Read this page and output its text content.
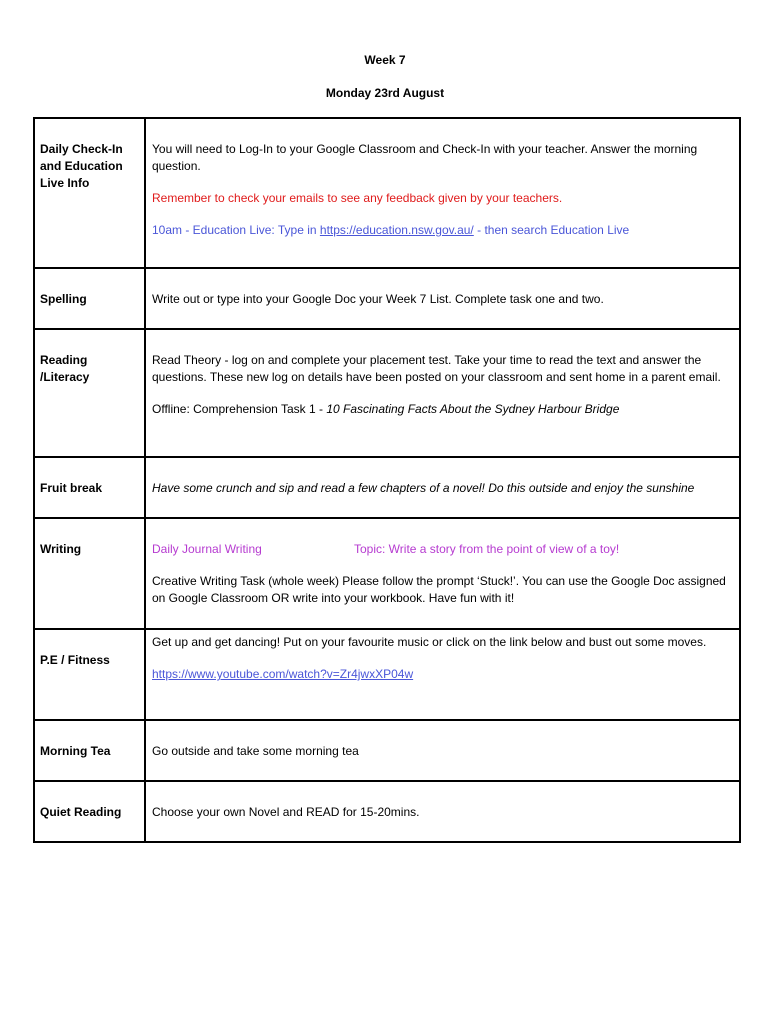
Week 7
Monday 23rd August
Daily Check-In and Education Live Info	You will need to Log-In to your Google Classroom and Check-In with your teacher. Answer the morning question.

Remember to check your emails to see any feedback given by your teachers.

10am - Education Live: Type in https://education.nsw.gov.au/ - then search Education Live

Spelling	Write out or type into your Google Doc your Week 7 List. Complete task one and two.

Reading /Literacy	Read Theory - log on and complete your placement test. Take your time to read the text and answer the questions. These new log on details have been posted on your classroom and sent home in a parent email.

Offline: Comprehension Task 1 - 10 Fascinating Facts About the Sydney Harbour Bridge

Fruit break	Have some crunch and sip and read a few chapters of a novel! Do this outside and enjoy the sunshine

Writing	Daily Journal Writing Topic: Write a story from the point of view of a toy!

Creative Writing Task (whole week) Please follow the prompt ‘Stuck!’. You can use the Google Doc assigned on Google Classroom OR write into your workbook. Have fun with it!

P.E / Fitness	Get up and get dancing! Put on your favourite music or click on the link below and bust out some moves.

https://www.youtube.com/watch?v=Zr4jwxXP04w

Morning Tea	Go outside and take some morning tea

Quiet Reading	Choose your own Novel and READ for 15-20mins.
